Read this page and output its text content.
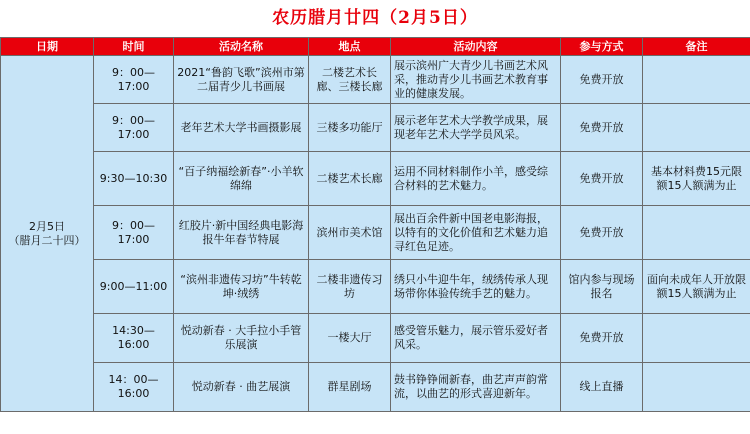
农历腊月廿四（2月5日）
日期	时间	活动名称	地点	活动内容	参与方式	备注

2月5日
（腊月二十四）	9：00—17:00	2021“鲁韵飞歌”滨州市第二届青少儿书画展	二楼艺术长廊、三楼长廊	展示滨州广大青少儿书画艺术风采，推动青少儿书画艺术教育事业的健康发展。	免费开放	
	9：00—17:00	老年艺术大学书画摄影展	三楼多功能厅	展示老年艺术大学教学成果，展现老年艺术大学学员风采。	免费开放	
	9:30—10:30	“百子纳福绘新春”·小羊软绵绵	二楼艺术长廊	运用不同材料制作小羊，感受综合材料的艺术魅力。	免费开放	基本材料费15元限额15人额满为止
	9：00—17:00	红胶片·新中国经典电影海报牛年春节特展	滨州市美术馆	展出百余件新中国老电影海报，以特有的文化价值和艺术魅力追寻红色足迹。	免费开放	
	9:00—11:00	“滨州非遗传习坊”牛转乾坤·绒绣	二楼非遗传习坊	绣只小牛迎牛年，绒绣传承人现场带你体验传统手艺的魅力。	馆内参与现场报名	面向未成年人开放限额15人额满为止
	14:30—16:00	悦动新春 · 大手拉小手管乐展演	一楼大厅	感受管乐魅力，展示管乐爱好者风采。	免费开放	
	14：00—16:00	悦动新春 · 曲艺展演	群星剧场	鼓书铮铮闹新春，曲艺声声韵常流，以曲艺的形式喜迎新年。	线上直播	
